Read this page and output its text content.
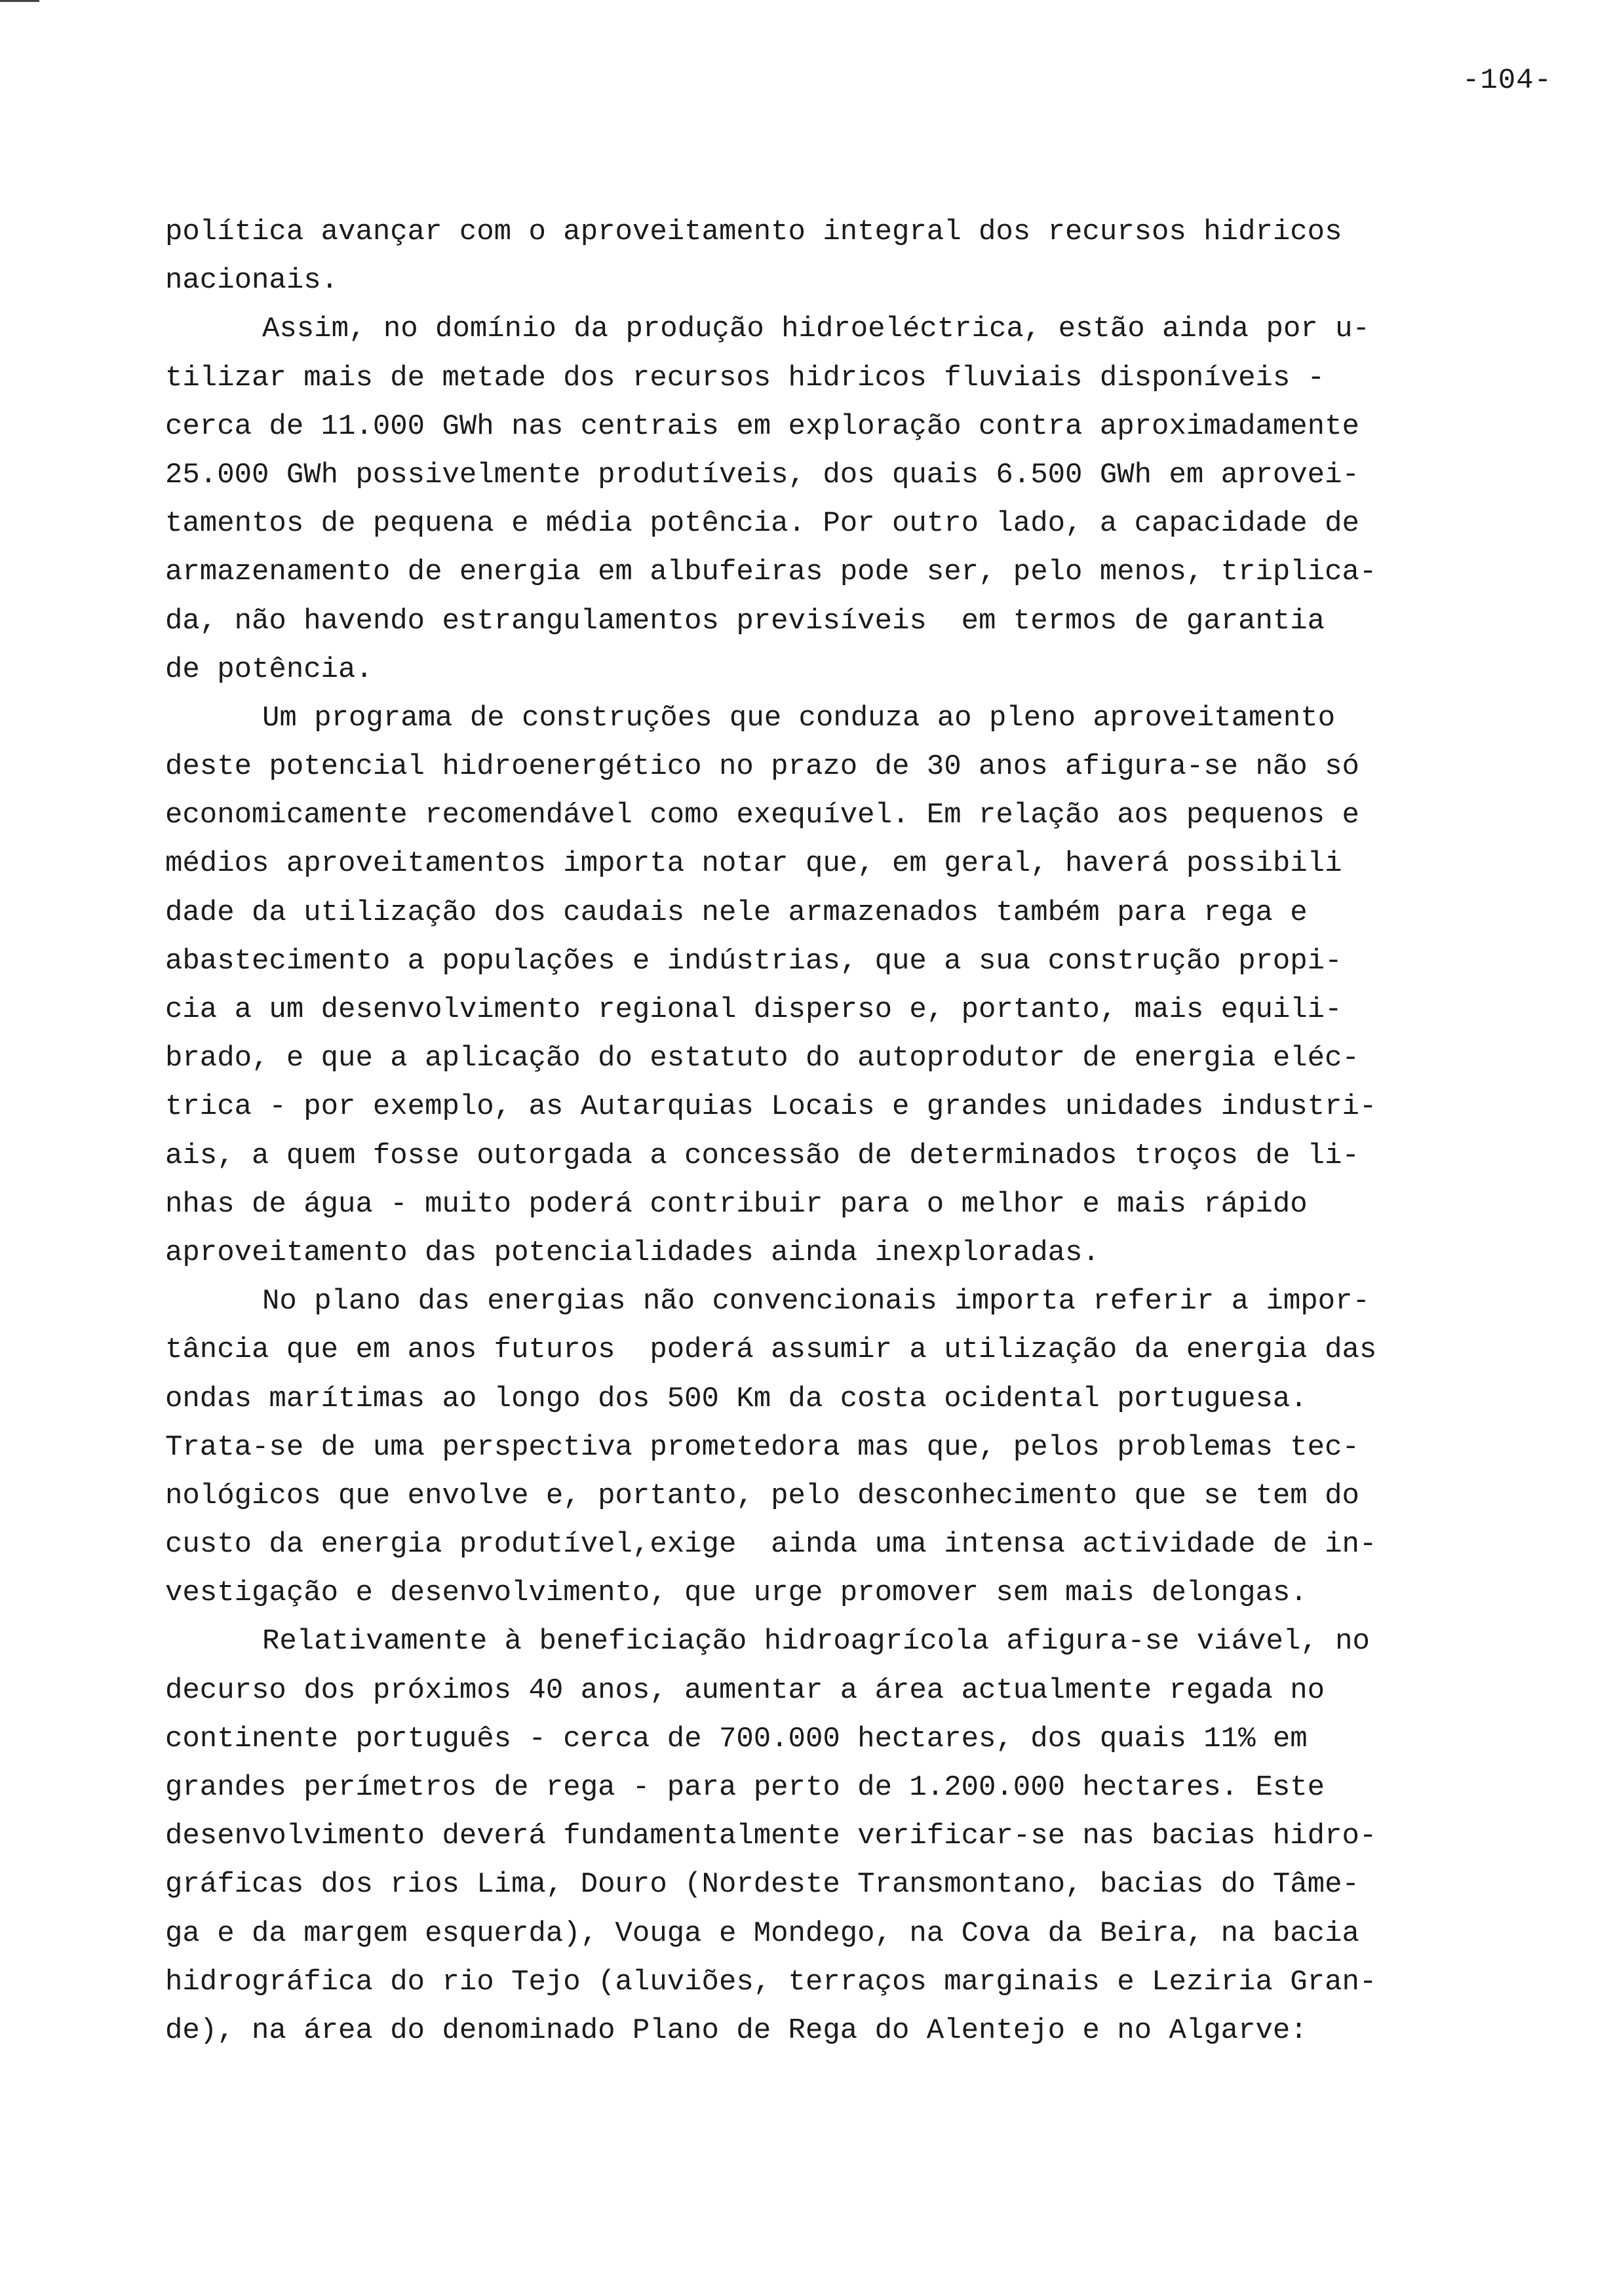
-104-
política avançar com o aproveitamento integral dos recursos hidricos
nacionais.
Assim, no domínio da produção hidroeléctrica, estão ainda por u-
tilizar mais de metade dos recursos hidricos fluviais disponíveis -
cerca de 11.000 GWh nas centrais em exploração contra aproximadamente
25.000 GWh possivelmente produtíveis, dos quais 6.500 GWh em aprovei-
tamentos de pequena e média potência. Por outro lado, a capacidade de
armazenamento de energia em albufeiras pode ser, pelo menos, triplica-
da, não havendo estrangulamentos previsíveis  em termos de garantia
de potência.
Um programa de construções que conduza ao pleno aproveitamento
deste potencial hidroenergético no prazo de 30 anos afigura-se não só
economicamente recomendável como exequível. Em relação aos pequenos e
médios aproveitamentos importa notar que, em geral, haverá possibili
dade da utilização dos caudais nele armazenados também para rega e
abastecimento a populações e indústrias, que a sua construção propi-
cia a um desenvolvimento regional disperso e, portanto, mais equili-
brado, e que a aplicação do estatuto do autoprodutor de energia eléc-
trica - por exemplo, as Autarquias Locais e grandes unidades industri-
ais, a quem fosse outorgada a concessão de determinados troços de li-
nhas de água - muito poderá contribuir para o melhor e mais rápido
aproveitamento das potencialidades ainda inexploradas.
No plano das energias não convencionais importa referir a impor-
tância que em anos futuros  poderá assumir a utilização da energia das
ondas marítimas ao longo dos 500 Km da costa ocidental portuguesa.
Trata-se de uma perspectiva prometedora mas que, pelos problemas tec-
nológicos que envolve e, portanto, pelo desconhecimento que se tem do
custo da energia produtível,exige  ainda uma intensa actividade de in-
vestigação e desenvolvimento, que urge promover sem mais delongas.
Relativamente à beneficiação hidroagrícola afigura-se viável, no
decurso dos próximos 40 anos, aumentar a área actualmente regada no
continente português - cerca de 700.000 hectares, dos quais 11% em
grandes perímetros de rega - para perto de 1.200.000 hectares. Este
desenvolvimento deverá fundamentalmente verificar-se nas bacias hidro-
gráficas dos rios Lima, Douro (Nordeste Transmontano, bacias do Tâme-
ga e da margem esquerda), Vouga e Mondego, na Cova da Beira, na bacia
hidrográfica do rio Tejo (aluviões, terraços marginais e Leziria Gran-
de), na área do denominado Plano de Rega do Alentejo e no Algarve:
